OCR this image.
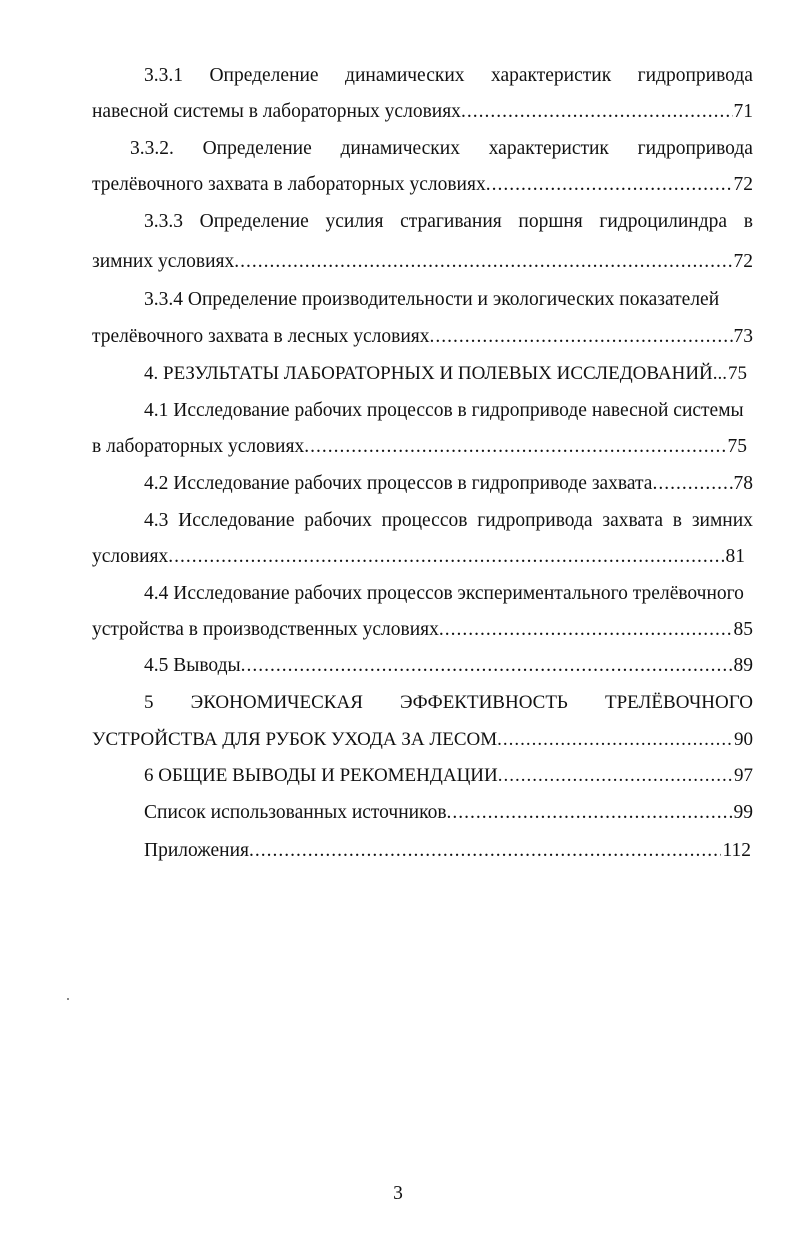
3.3.1 Определение динамических характеристик гидропривода
навесной системы в лабораторных условиях .....	71
3.3.2. Определение динамических характеристик гидропривода
трелёвочного захвата в лабораторных условиях .....	72
3.3.3 Определение усилия страгивания поршня гидроцилиндра в
зимних условиях .....	72
3.3.4 Определение производительности и экологических показателей
трелёвочного захвата в лесных условиях .....	73
4. РЕЗУЛЬТАТЫ ЛАБОРАТОРНЫХ И ПОЛЕВЫХ ИССЛЕДОВАНИЙ... 75
4.1 Исследование рабочих процессов в гидроприводе навесной системы
в лабораторных условиях .....	75
4.2 Исследование рабочих процессов в гидроприводе захвата .....	78
4.3 Исследование рабочих процессов гидропривода захвата в зимних
условиях .....	81
4.4 Исследование рабочих процессов экспериментального трелёвочного
устройства в производственных условиях .....	85
4.5 Выводы .....	89
5 ЭКОНОМИЧЕСКАЯ ЭФФЕКТИВНОСТЬ ТРЕЛЁВОЧНОГО
УСТРОЙСТВА ДЛЯ РУБОК УХОДА ЗА ЛЕСОМ .....	90
6 ОБЩИЕ ВЫВОДЫ И РЕКОМЕНДАЦИИ .....	97
Список использованных источников .....	99
Приложения .....	112
3
